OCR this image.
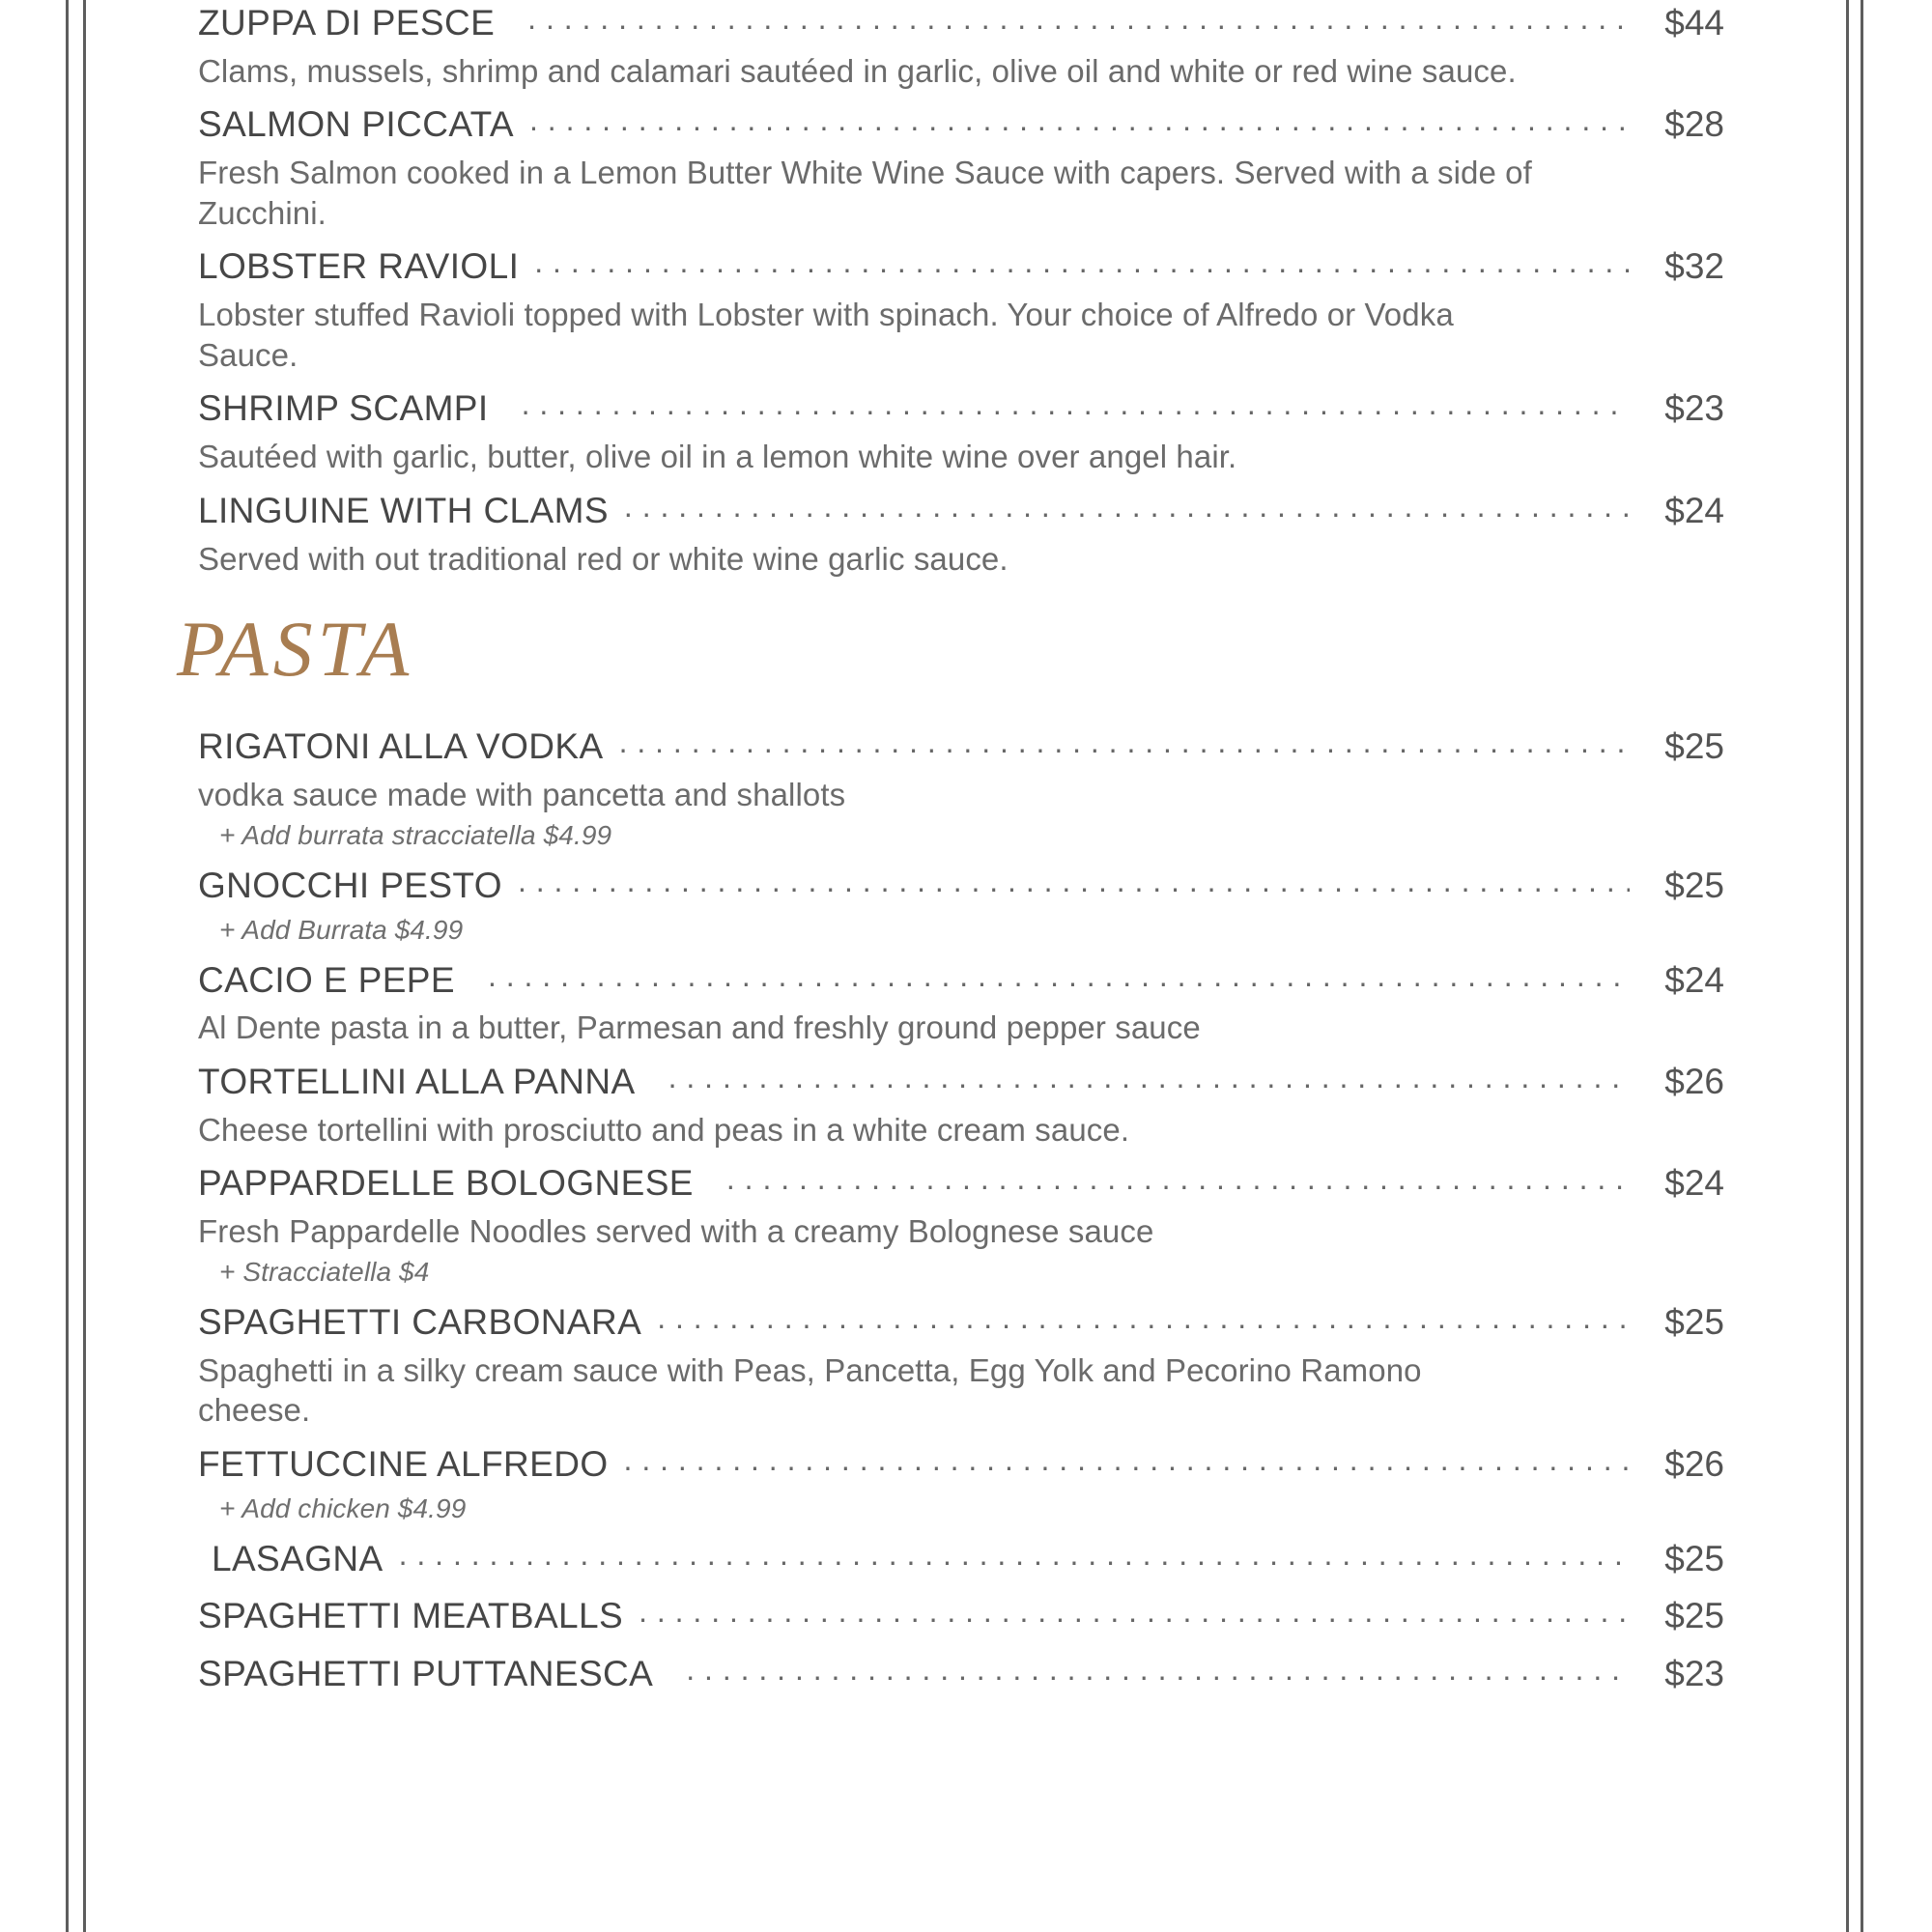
ZUPPA DI PESCE . . .	$44
Clams, mussels, shrimp and calamari sautéed in garlic, olive oil and white or red wine sauce.
SALMON PICCATA . . .	$28
Fresh Salmon cooked in a Lemon Butter White Wine Sauce with capers. Served with a side of Zucchini.
LOBSTER RAVIOLI . . .	$32
Lobster stuffed Ravioli topped with Lobster with spinach. Your choice of Alfredo or Vodka Sauce.
SHRIMP SCAMPI . . .	$23
Sautéed with garlic, butter, olive oil in a lemon white wine over angel hair.
LINGUINE WITH CLAMS . . .	$24
Served with out traditional red or white wine garlic sauce.
PASTA
RIGATONI ALLA VODKA . . .	$25
vodka sauce made with pancetta and shallots
+ Add burrata stracciatella $4.99
GNOCCHI PESTO . . .	$25
+ Add Burrata $4.99
CACIO E PEPE . . .	$24
Al Dente pasta in a butter, Parmesan and freshly ground pepper sauce
TORTELLINI ALLA PANNA . . .	$26
Cheese tortellini with prosciutto and peas in a white cream sauce.
PAPPARDELLE BOLOGNESE . . .	$24
Fresh Pappardelle Noodles served with a creamy Bolognese sauce
+ Stracciatella $4
SPAGHETTI CARBONARA . . .	$25
Spaghetti in a silky cream sauce with Peas, Pancetta, Egg Yolk and Pecorino Ramono cheese.
FETTUCCINE ALFREDO . . .	$26
+ Add chicken $4.99
LASAGNA . . .	$25
SPAGHETTI MEATBALLS . . .	$25
SPAGHETTI PUTTANESCA . . .	$23
